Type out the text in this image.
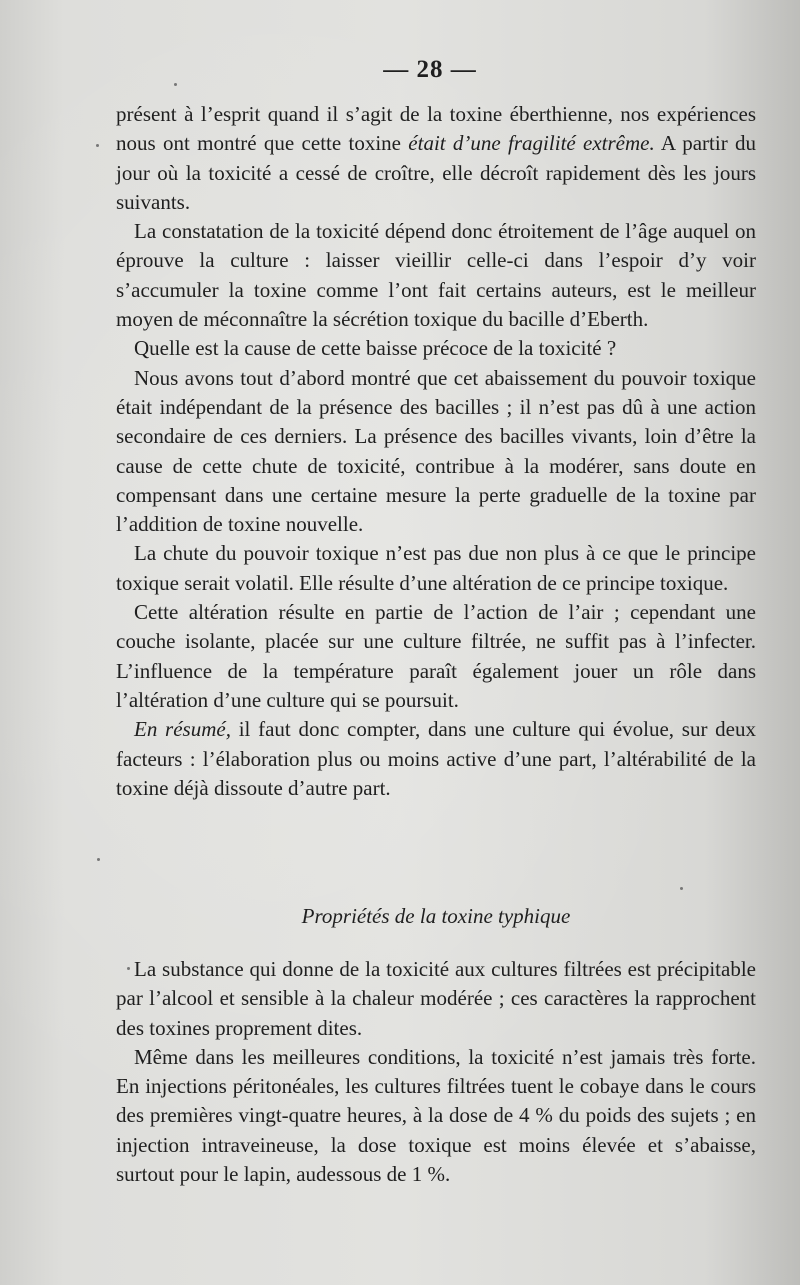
— 28 —

présent à l’esprit quand il s’agit de la toxine éberthienne, nos expériences nous ont montré que cette toxine était d’une fragilité extrême. A partir du jour où la toxicité a cessé de croître, elle décroît rapidement dès les jours suivants.

La constatation de la toxicité dépend donc étroitement de l’âge auquel on éprouve la culture : laisser vieillir celle-ci dans l’espoir d’y voir s’accumuler la toxine comme l’ont fait certains auteurs, est le meilleur moyen de méconnaître la sécrétion toxique du bacille d’Eberth.

Quelle est la cause de cette baisse précoce de la toxicité ?

Nous avons tout d’abord montré que cet abaissement du pouvoir toxique était indépendant de la présence des bacilles ; il n’est pas dû à une action secondaire de ces derniers. La présence des bacilles vivants, loin d’être la cause de cette chute de toxicité, contribue à la modérer, sans doute en compensant dans une certaine mesure la perte graduelle de la toxine par l’addition de toxine nouvelle.

La chute du pouvoir toxique n’est pas due non plus à ce que le principe toxique serait volatil. Elle résulte d’une altération de ce principe toxique.

Cette altération résulte en partie de l’action de l’air ; cependant une couche isolante, placée sur une culture filtrée, ne suffit pas à l’infecter. L’influence de la température paraît également jouer un rôle dans l’altération d’une culture qui se poursuit.

En résumé, il faut donc compter, dans une culture qui évolue, sur deux facteurs : l’élaboration plus ou moins active d’une part, l’altérabilité de la toxine déjà dissoute d’autre part.

Propriétés de la toxine typhique

La substance qui donne de la toxicité aux cultures filtrées est précipitable par l’alcool et sensible à la chaleur modérée ; ces caractères la rapprochent des toxines proprement dites.

Même dans les meilleures conditions, la toxicité n’est jamais très forte. En injections péritonéales, les cultures filtrées tuent le cobaye dans le cours des premières vingt-quatre heures, à la dose de 4 % du poids des sujets ; en injection intraveineuse, la dose toxique est moins élevée et s’abaisse, surtout pour le lapin, audessous de 1 %.
